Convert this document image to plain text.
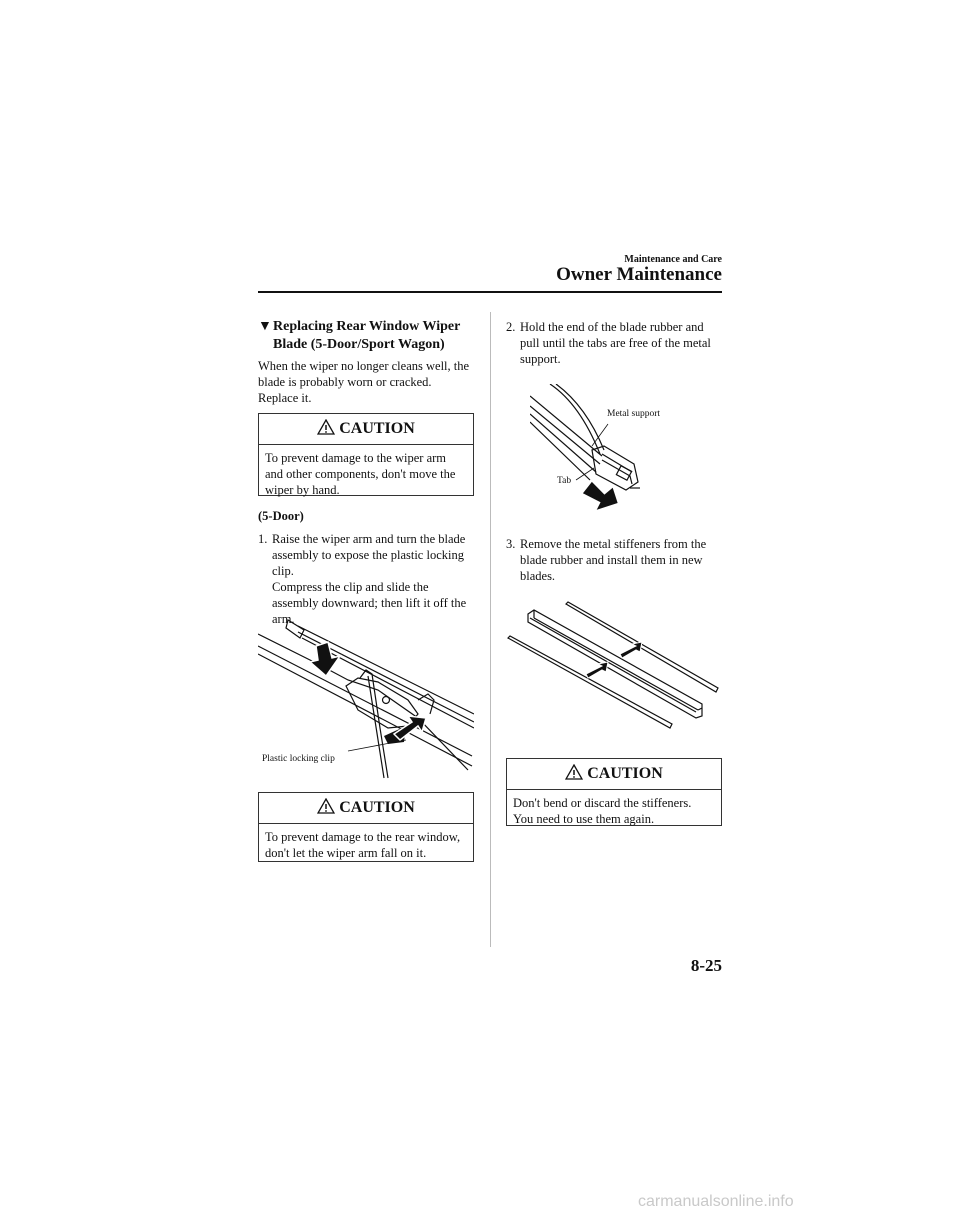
Maintenance and Care
Owner Maintenance
▼ Replacing Rear Window Wiper
Blade (5-Door/Sport Wagon)
When the wiper no longer cleans well, the
blade is probably worn or cracked.
Replace it.
CAUTION
To prevent damage to the wiper arm
and other components, don't move the
wiper by hand.
(5-Door)
1. Raise the wiper arm and turn the blade
assembly to expose the plastic locking
clip.
Compress the clip and slide the
assembly downward; then lift it off the
arm.
Plastic locking clip
CAUTION
To prevent damage to the rear window,
don't let the wiper arm fall on it.
2. Hold the end of the blade rubber and
pull until the tabs are free of the metal
support.
Metal support
Tab
3. Remove the metal stiffeners from the
blade rubber and install them in new
blades.
CAUTION
Don't bend or discard the stiffeners.
You need to use them again.
8-25
carmanualsonline.info
